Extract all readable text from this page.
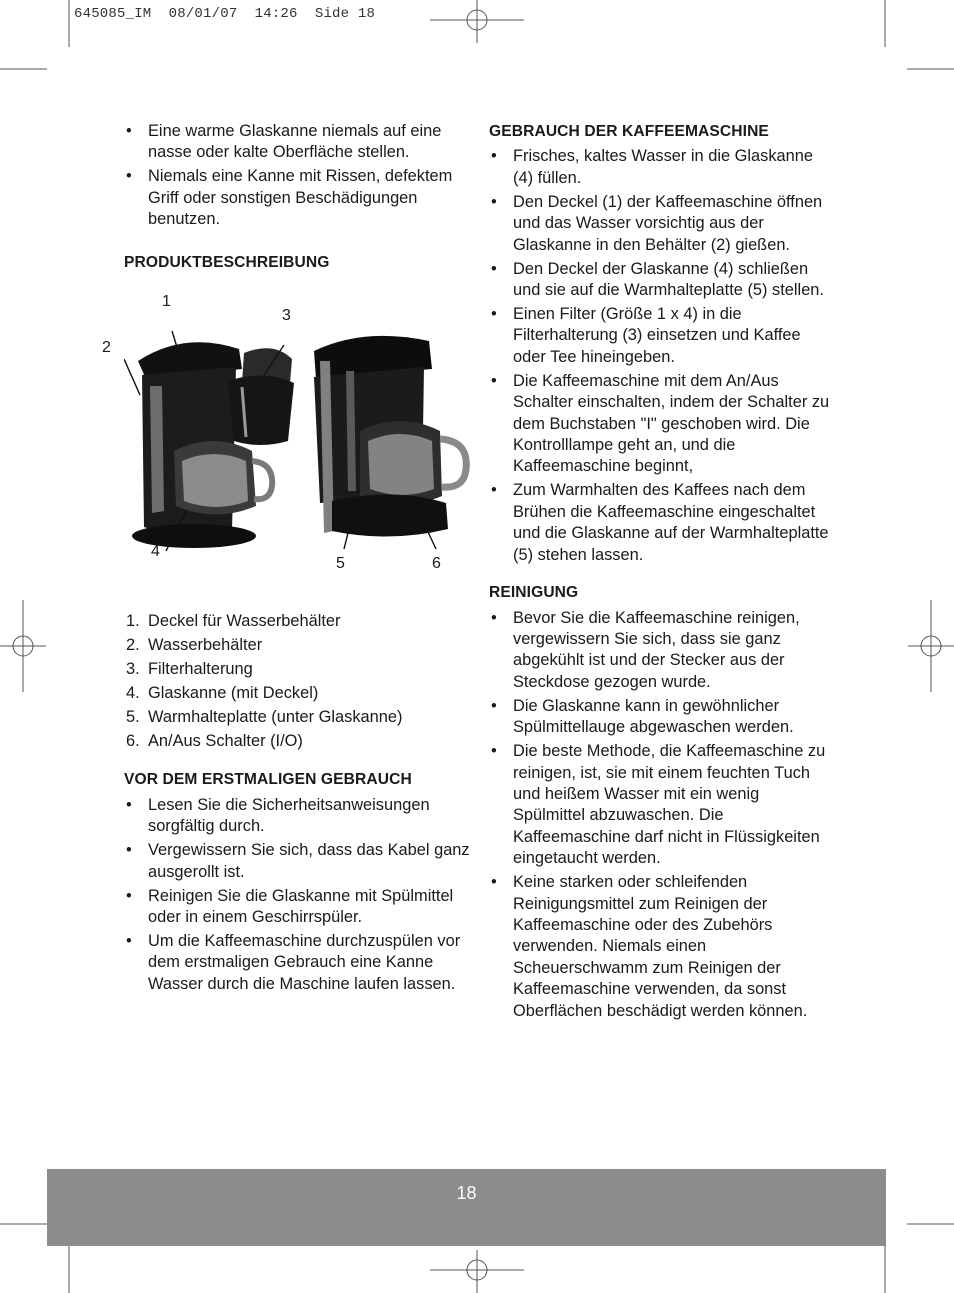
645085_IM  08/01/07  14:26  Side 18
• Eine warme Glaskanne niemals auf eine nasse oder kalte Oberfläche stellen.
• Niemals eine Kanne mit Rissen, defektem Griff oder sonstigen Beschädigungen benutzen.
PRODUKTBESCHREIBUNG
1
2
3
4
5	6
1. Deckel für Wasserbehälter
2. Wasserbehälter
3. Filterhalterung
4. Glaskanne (mit Deckel)
5. Warmhalteplatte (unter Glaskanne)
6. An/Aus Schalter (I/O)
VOR DEM ERSTMALIGEN GEBRAUCH
• Lesen Sie die Sicherheitsanweisungen sorgfältig durch.
• Vergewissern Sie sich, dass das Kabel ganz ausgerollt ist.
• Reinigen Sie die Glaskanne mit Spülmittel oder in einem Geschirrspüler.
• Um die Kaffeemaschine durchzuspülen vor dem erstmaligen Gebrauch eine Kanne Wasser durch die Maschine laufen lassen.
GEBRAUCH DER KAFFEEMASCHINE
• Frisches, kaltes Wasser in die Glaskanne (4) füllen.
• Den Deckel (1) der Kaffeemaschine öffnen und das Wasser vorsichtig aus der Glaskanne in den Behälter (2) gießen.
• Den Deckel der Glaskanne (4) schließen und sie auf die Warmhalteplatte (5) stellen.
• Einen Filter (Größe 1 x 4) in die Filterhalterung (3) einsetzen und Kaffee oder Tee hineingeben.
• Die Kaffeemaschine mit dem An/Aus Schalter einschalten, indem der Schalter zu dem Buchstaben "I" geschoben wird. Die Kontrolllampe geht an, und die Kaffeemaschine beginnt,
• Zum Warmhalten des Kaffees nach dem Brühen die Kaffeemaschine eingeschaltet und die Glaskanne auf der Warmhalteplatte (5) stehen lassen.
REINIGUNG
• Bevor Sie die Kaffeemaschine reinigen, vergewissern Sie sich, dass sie ganz abgekühlt ist und der Stecker aus der Steckdose gezogen wurde.
• Die Glaskanne kann in gewöhnlicher Spülmittellauge abgewaschen werden.
• Die beste Methode, die Kaffeemaschine zu reinigen, ist, sie mit einem feuchten Tuch und heißem Wasser mit ein wenig Spülmittel abzuwaschen. Die Kaffeemaschine darf nicht in Flüssigkeiten eingetaucht werden.
• Keine starken oder schleifenden Reinigungsmittel zum Reinigen der Kaffeemaschine oder des Zubehörs verwenden. Niemals einen Scheuerschwamm zum Reinigen der Kaffeemaschine verwenden, da sonst Oberflächen beschädigt werden können.
18
